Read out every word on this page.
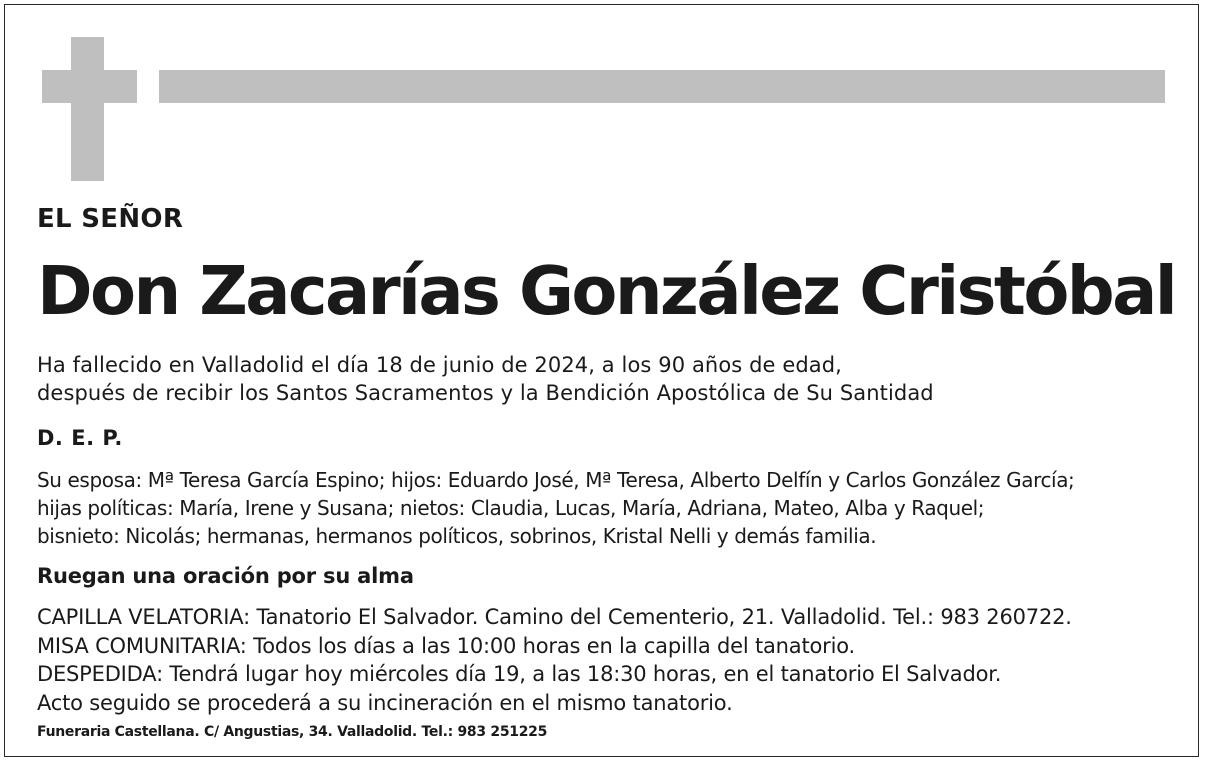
EL SEÑOR

Don Zacarías González Cristóbal
Ha fallecido en Valladolid el día 18 de junio de 2024, a los 90 años de edad,
después de recibir los Santos Sacramentos y la Bendición Apostólica de Su Santidad

D. E. P.

Su esposa: Mª Teresa García Espino; hijos: Eduardo José, Mª Teresa, Alberto Delfín y Carlos González García;
hijas políticas: María, Irene y Susana; nietos: Claudia, Lucas, María, Adriana, Mateo, Alba y Raquel;
bisnieto: Nicolás; hermanas, hermanos políticos, sobrinos, Kristal Nelli y demás familia.

Ruegan una oración por su alma

CAPILLA VELATORIA: Tanatorio El Salvador. Camino del Cementerio, 21. Valladolid. Tel.: 983 260722.
MISA COMUNITARIA: Todos los días a las 10:00 horas en la capilla del tanatorio.
DESPEDIDA: Tendrá lugar hoy miércoles día 19, a las 18:30 horas, en el tanatorio El Salvador.
Acto seguido se procederá a su incineración en el mismo tanatorio.

Funeraria Castellana. C/ Angustias, 34. Valladolid. Tel.: 983 251225
